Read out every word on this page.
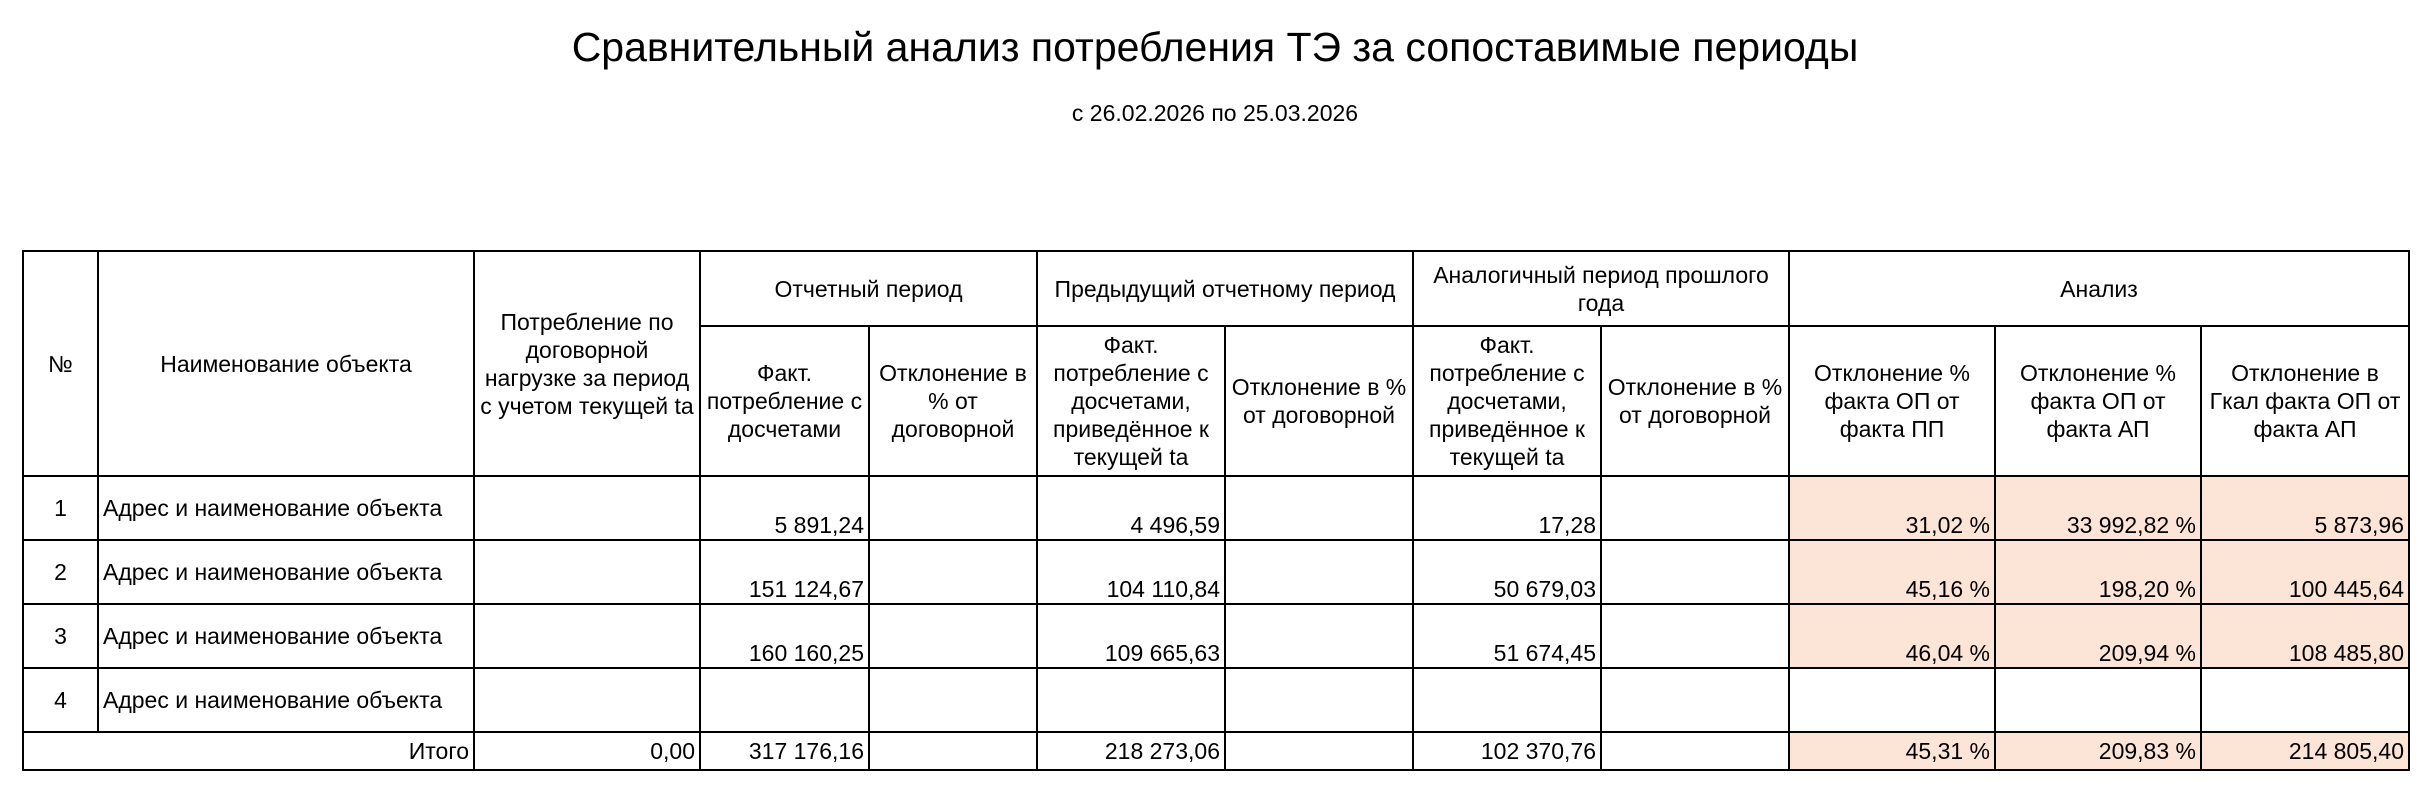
Сравнительный анализ потребления ТЭ за сопоставимые периоды
с 26.02.2026 по 25.03.2026
№	Наименование объекта	Потребление по договорной нагрузке за период с учетом текущей ta	Отчетный период		Предыдущий отчетному период		Аналогичный период прошлого года		Анализ		
			Факт. потребление с досчетами	Отклонение в % от договорной	Факт. потребление с досчетами, приведённое к текущей ta	Отклонение в % от договорной	Факт. потребление с досчетами, приведённое к текущей ta	Отклонение в % от договорной	Отклонение % факта ОП от факта ПП	Отклонение % факта ОП от факта АП	Отклонение в Гкал факта ОП от факта АП
1	Адрес и наименование объекта		5 891,24		4 496,59		17,28		31,02 %	33 992,82 %	5 873,96
2	Адрес и наименование объекта		151 124,67		104 110,84		50 679,03		45,16 %	198,20 %	100 445,64
3	Адрес и наименование объекта		160 160,25		109 665,63		51 674,45		46,04 %	209,94 %	108 485,80
4	Адрес и наименование объекта										
Итого		0,00	317 176,16		218 273,06		102 370,76		45,31 %	209,83 %	214 805,40
